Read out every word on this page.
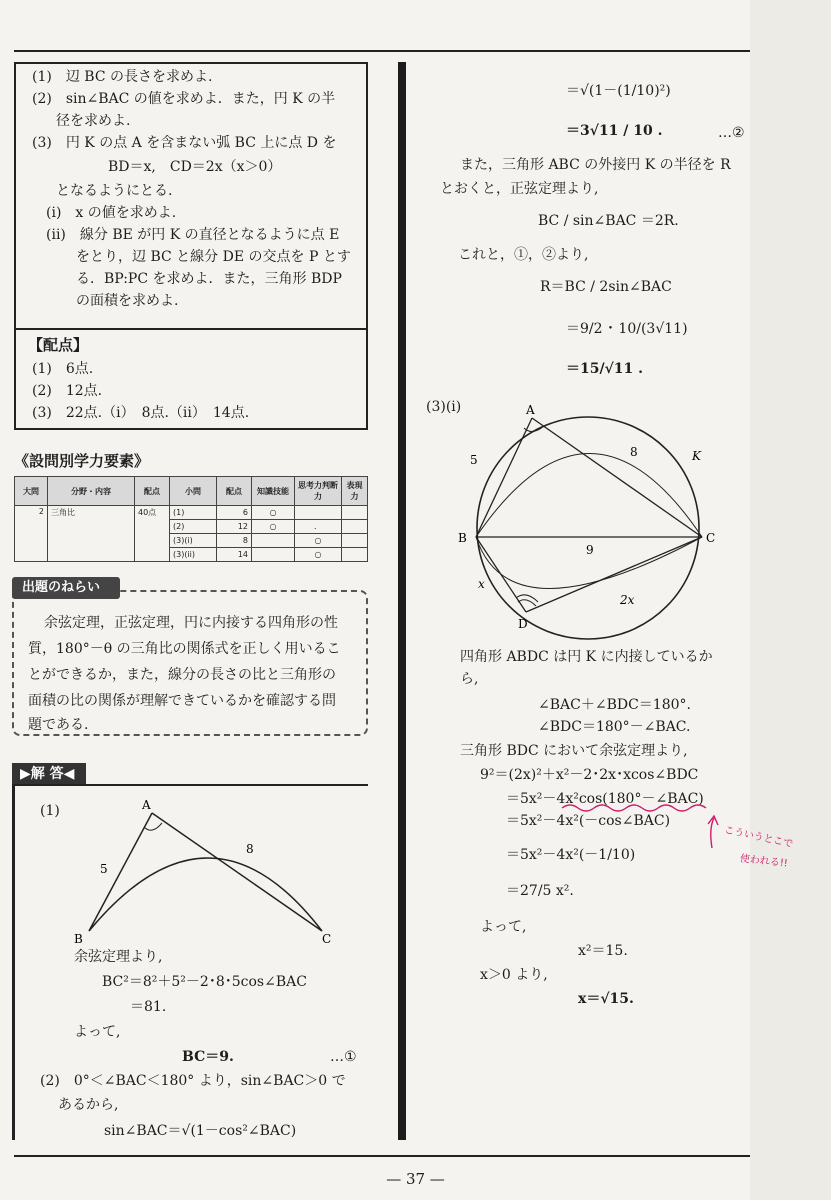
(1)　辺 BC の長さを求めよ.
(2)　sin∠BAC の値を求めよ．また，円 K の半
径を求めよ.
(3)　円 K の点 A を含まない弧 BC 上に点 D を
BD＝x,　CD＝2x（x＞0）
となるようにとる.
(i)　x の値を求めよ.
(ii)　線分 BE が円 K の直径となるように点 E
をとり，辺 BC と線分 DE の交点を P とす
る．BP:PC を求めよ．また，三角形 BDP
の面積を求めよ.
【配点】
(1)　6点.
(2)　12点.
(3)　22点.（i）　8点.（ii）　14点.
《設問別学力要素》
大問	分野・内容	配点	小問	配点	知識技能	思考力判断力	表現力
2	三角比	40点	(1)	6	○		
			(2)	12	○	．	
			(3)(i)	8		○	
			(3)(ii)	14		○	
余弦定理，正弦定理，円に内接する四角形の性
質，180°－θ の三角比の関係式を正しく用いるこ
とができるか，また，線分の長さの比と三角形の
面積の比の関係が理解できているかを確認する問
題である.
出題のねらい
▶解 答◀
(1)	A
B	C
5
8
余弦定理より,
BC²＝8²＋5²－2･8･5cos∠BAC
＝81.
よって,
BC＝9.	…①
(2)　0°＜∠BAC＜180° より，sin∠BAC＞0 で
あるから,
sin∠BAC＝√(1－cos²∠BAC)
＝√(1－(1/10)²)
＝3√11 / 10 .	…②
また，三角形 ABC の外接円 K の半径を R
とおくと，正弦定理より,
BC / sin∠BAC ＝2R.
これと，①，②より,
R＝BC / 2sin∠BAC
＝9/2 ･ 10/(3√11)
＝15/√11 .
(3)(i)	A
B	C
D
K
5
8
9
x
2x
四角形 ABDC は円 K に内接しているか
ら,
∠BAC＋∠BDC＝180°.
∠BDC＝180°－∠BAC.
三角形 BDC において余弦定理より,
9²＝(2x)²＋x²－2･2x･xcos∠BDC
＝5x²－4x²cos(180°－∠BAC)
＝5x²－4x²(－cos∠BAC)
＝5x²－4x²(－1/10)
＝27/5 x².
よって,
x²＝15.
x＞0 より,
x＝√15.
こういうとこで
使われる!!
— 37 —
